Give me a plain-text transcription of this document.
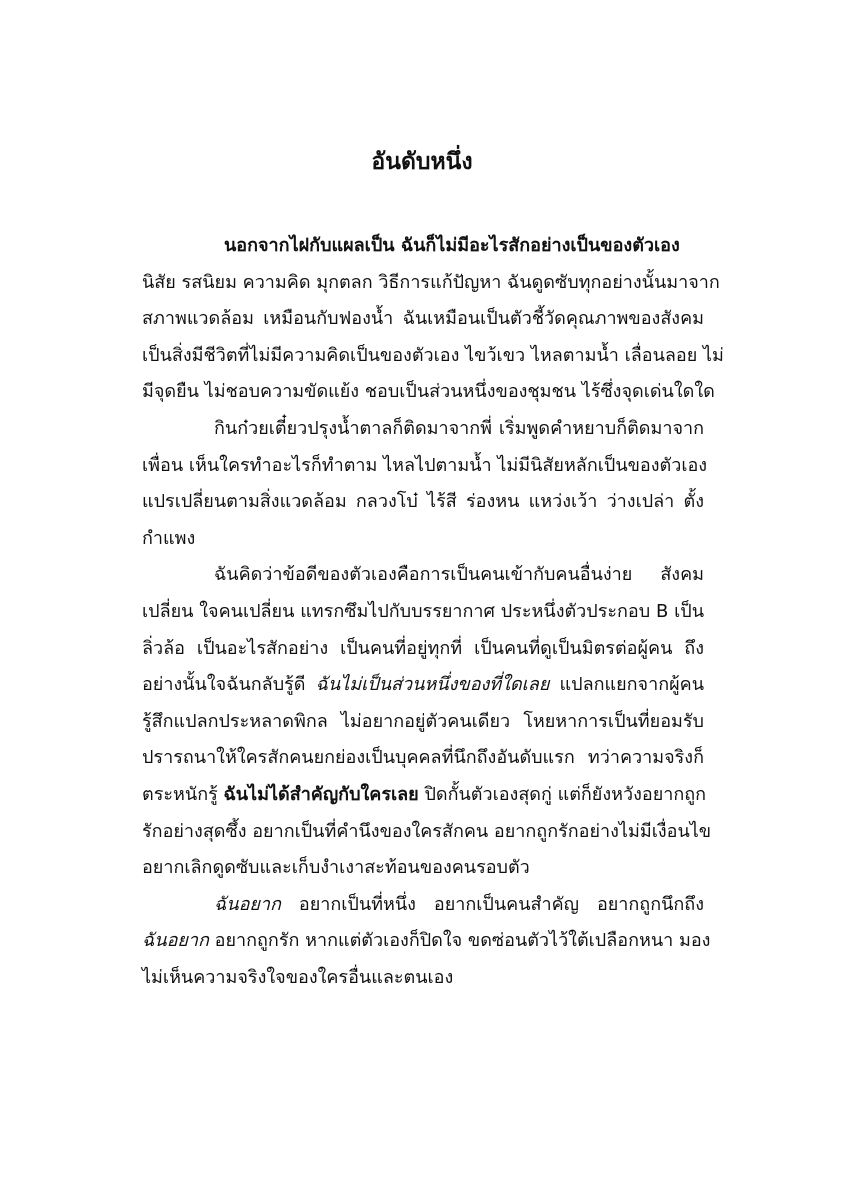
อันดับหนึ่ง
นอกจากไฝกับแผลเป็น ฉันก็ไม่มีอะไรสักอย่างเป็นของตัวเอง
นิสัย รสนิยม ความคิด มุกตลก วิธีการแก้ปัญหา ฉันดูดซับทุกอย่างนั้นมาจาก
สภาพแวดล้อม เหมือนกับฟองน้ำ ฉันเหมือนเป็นตัวชี้วัดคุณภาพของสังคม
เป็นสิ่งมีชีวิตที่ไม่มีความคิดเป็นของตัวเอง ไขว้เขว ไหลตามน้ำ เลื่อนลอย ไม่
มีจุดยืน ไม่ชอบความขัดแย้ง ชอบเป็นส่วนหนึ่งของชุมชน ไร้ซึ่งจุดเด่นใดใด
กินก๋วยเตี๋ยวปรุงน้ำตาลก็ติดมาจากพี่ เริ่มพูดคำหยาบก็ติดมาจาก
เพื่อน เห็นใครทำอะไรก็ทำตาม ไหลไปตามน้ำ ไม่มีนิสัยหลักเป็นของตัวเอง
แปรเปลี่ยนตามสิ่งแวดล้อม กลวงโบ๋ ไร้สี ร่องหน แหว่งเว้า ว่างเปล่า ตั้ง
กำแพง
ฉันคิดว่าข้อดีของตัวเองคือการเป็นคนเข้ากับคนอื่นง่าย สังคม
เปลี่ยน ใจคนเปลี่ยน แทรกซึมไปกับบรรยากาศ ประหนึ่งตัวประกอบ B เป็น
ลิ่วล้อ เป็นอะไรสักอย่าง เป็นคนที่อยู่ทุกที่ เป็นคนที่ดูเป็นมิตรต่อผู้คน ถึง
อย่างนั้นใจฉันกลับรู้ดี ฉันไม่เป็นส่วนหนึ่งของที่ใดเลย แปลกแยกจากผู้คน
รู้สึกแปลกประหลาดพิกล ไม่อยากอยู่ตัวคนเดียว โหยหาการเป็นที่ยอมรับ
ปรารถนาให้ใครสักคนยกย่องเป็นบุคคลที่นึกถึงอันดับแรก ทว่าความจริงก็
ตระหนักรู้ ฉันไม่ได้สำคัญกับใครเลย ปิดกั้นตัวเองสุดกู่ แต่ก็ยังหวังอยากถูก
รักอย่างสุดซึ้ง อยากเป็นที่คำนึงของใครสักคน อยากถูกรักอย่างไม่มีเงื่อนไข
อยากเลิกดูดซับและเก็บงำเงาสะท้อนของคนรอบตัว
ฉันอยาก อยากเป็นที่หนึ่ง อยากเป็นคนสำคัญ อยากถูกนึกถึง
ฉันอยาก อยากถูกรัก หากแต่ตัวเองก็ปิดใจ ขดซ่อนตัวไว้ใต้เปลือกหนา มอง
ไม่เห็นความจริงใจของใครอื่นและตนเอง
